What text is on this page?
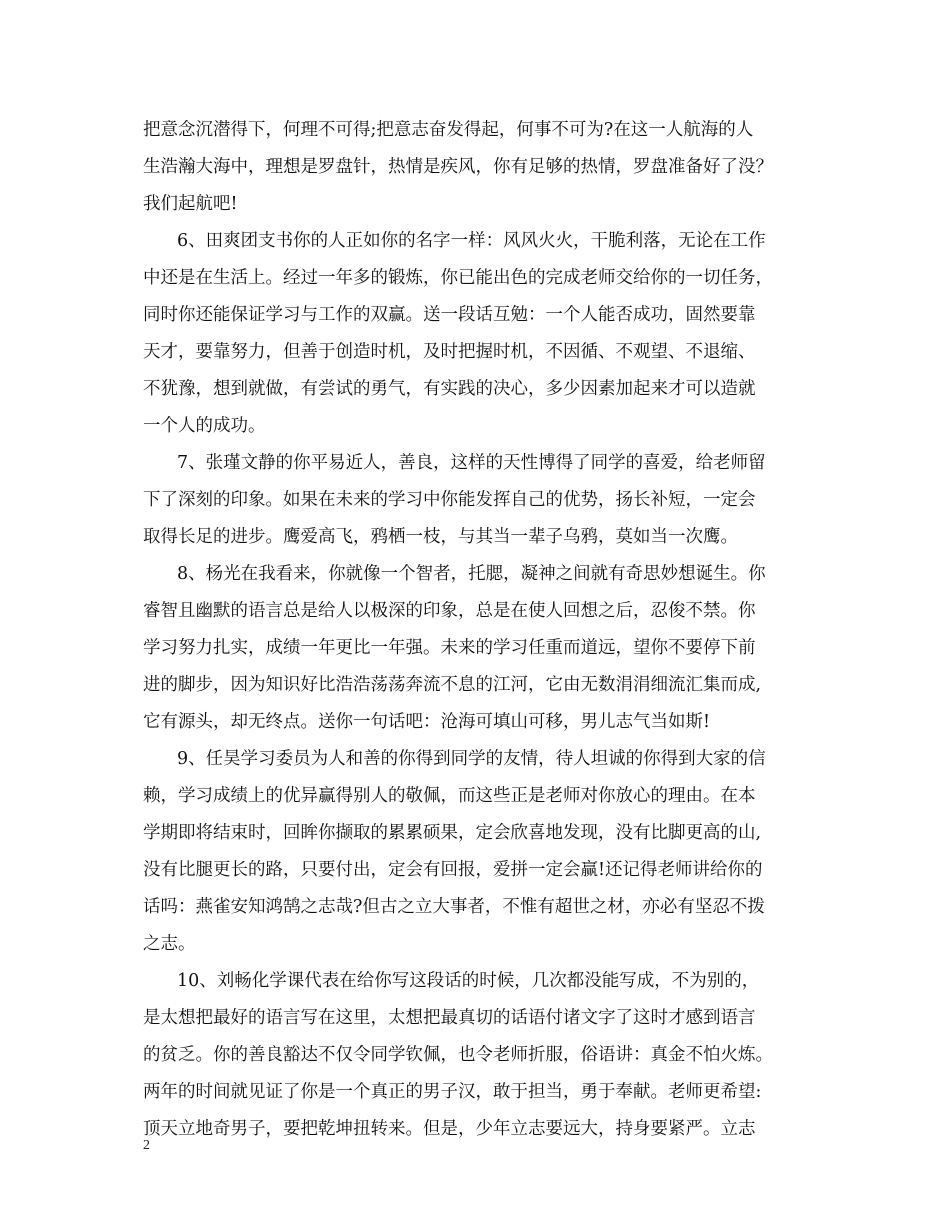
把意念沉潜得下，何理不可得;把意志奋发得起，何事不可为?在这一人航海的人
生浩瀚大海中，理想是罗盘针，热情是疾风，你有足够的热情，罗盘准备好了没？
我们起航吧!
6、田爽团支书你的人正如你的名字一样：风风火火，干脆利落，无论在工作
中还是在生活上。经过一年多的锻炼，你已能出色的完成老师交给你的一切任务，
同时你还能保证学习与工作的双赢。送一段话互勉：一个人能否成功，固然要靠
天才，要靠努力，但善于创造时机，及时把握时机，不因循、不观望、不退缩、
不犹豫，想到就做，有尝试的勇气，有实践的决心，多少因素加起来才可以造就
一个人的成功。
7、张瑾文静的你平易近人，善良，这样的天性博得了同学的喜爱，给老师留
下了深刻的印象。如果在未来的学习中你能发挥自己的优势，扬长补短，一定会
取得长足的进步。鹰爱高飞，鸦栖一枝，与其当一辈子乌鸦，莫如当一次鹰。
8、杨光在我看来，你就像一个智者，托腮，凝神之间就有奇思妙想诞生。你
睿智且幽默的语言总是给人以极深的印象，总是在使人回想之后，忍俊不禁。你
学习努力扎实，成绩一年更比一年强。未来的学习任重而道远，望你不要停下前
进的脚步，因为知识好比浩浩荡荡奔流不息的江河，它由无数涓涓细流汇集而成,
它有源头，却无终点。送你一句话吧：沧海可填山可移，男儿志气当如斯!
9、任昊学习委员为人和善的你得到同学的友情，待人坦诚的你得到大家的信
赖，学习成绩上的优异赢得别人的敬佩，而这些正是老师对你放心的理由。在本
学期即将结束时，回眸你撷取的累累硕果，定会欣喜地发现，没有比脚更高的山,
没有比腿更长的路，只要付出，定会有回报，爱拼一定会赢!还记得老师讲给你的
话吗：燕雀安知鸿鹄之志哉?但古之立大事者，不惟有超世之材，亦必有坚忍不拨
之志。
10、刘畅化学课代表在给你写这段话的时候，几次都没能写成，不为别的，
是太想把最好的语言写在这里，太想把最真切的话语付诸文字了这时才感到语言
的贫乏。你的善良豁达不仅令同学钦佩，也令老师折服，俗语讲：真金不怕火炼。
两年的时间就见证了你是一个真正的男子汉，敢于担当，勇于奉献。老师更希望:
顶天立地奇男子，要把乾坤扭转来。但是，少年立志要远大，持身要紧严。立志
2
